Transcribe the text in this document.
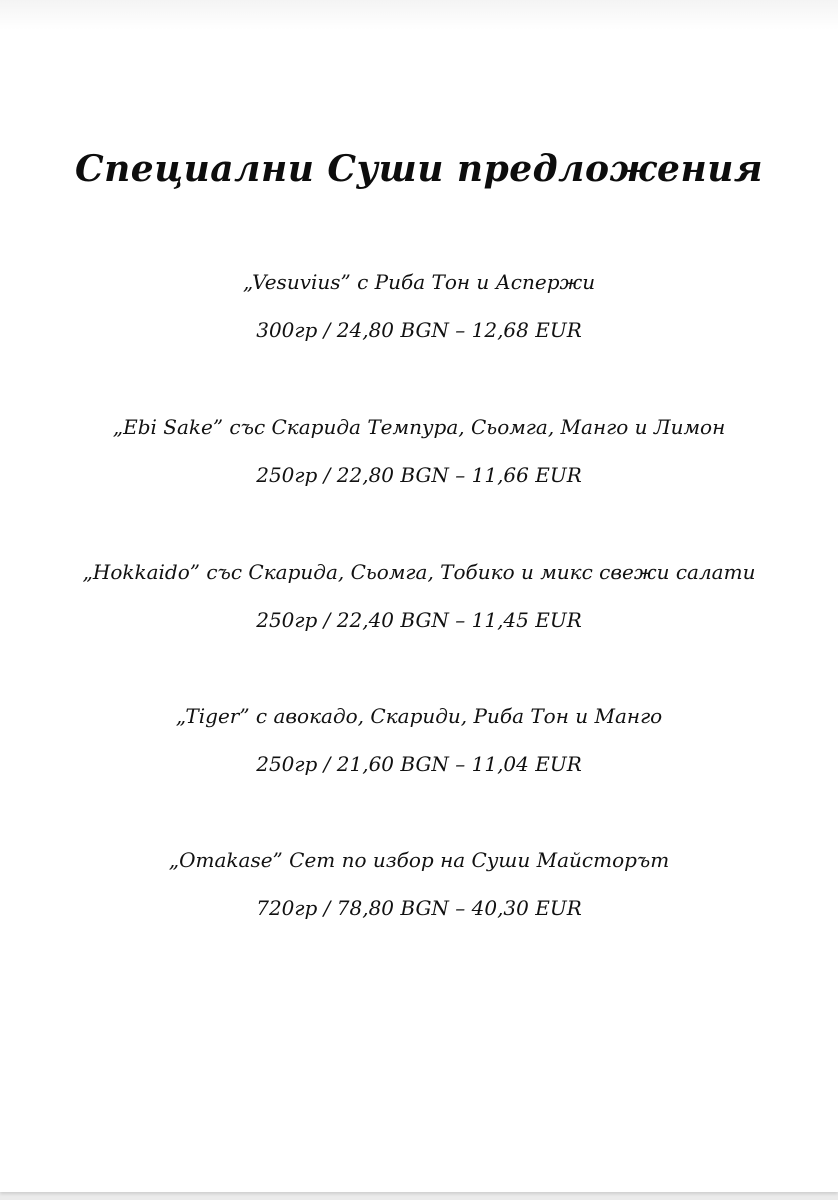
Специални Суши предложения
„Vesuvius” с Риба Тон и Аспержи
300гр / 24,80 BGN – 12,68 EUR
„Ebi Sake” със Скарида Темпура, Сьомга, Манго и Лимон
250гр / 22,80 BGN – 11,66 EUR
„Hokkaido” със Скарида, Сьомга, Тобико и микс свежи салати
250гр / 22,40 BGN – 11,45 EUR
„Tiger” с авокадо, Скариди, Риба Тон и Манго
250гр / 21,60 BGN – 11,04 EUR
„Omakase” Сет по избор на Суши Майсторът
720гр / 78,80 BGN – 40,30 EUR
